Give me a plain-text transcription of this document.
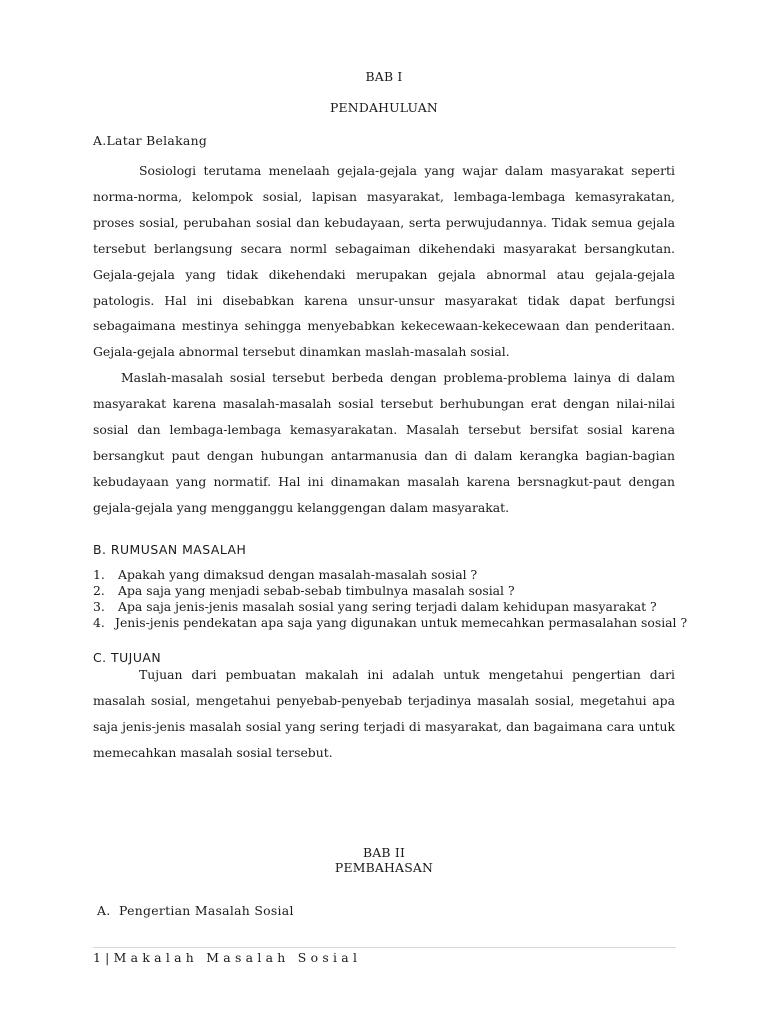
BAB I
PENDAHULUAN
A.Latar Belakang

Sosiologi terutama menelaah gejala-gejala yang wajar dalam masyarakat seperti norma-norma, kelompok sosial, lapisan masyarakat, lembaga-lembaga kemasyrakatan, proses sosial, perubahan sosial dan kebudayaan, serta perwujudannya. Tidak semua gejala tersebut berlangsung secara norml sebagaiman dikehendaki masyarakat bersangkutan. Gejala-gejala yang tidak dikehendaki merupakan gejala abnormal atau gejala-gejala patologis. Hal ini disebabkan karena unsur-unsur masyarakat tidak dapat berfungsi sebagaimana mestinya sehingga menyebabkan kekecewaan-kekecewaan dan penderitaan. Gejala-gejala abnormal tersebut dinamkan maslah-masalah sosial.

Maslah-masalah sosial tersebut berbeda dengan problema-problema lainya di dalam masyarakat karena masalah-masalah sosial tersebut berhubungan erat dengan nilai-nilai sosial dan lembaga-lembaga kemasyarakatan. Masalah tersebut bersifat sosial karena bersangkut paut dengan hubungan antarmanusia dan di dalam kerangka bagian-bagian kebudayaan yang normatif. Hal ini dinamakan masalah karena bersnagkut-paut dengan gejala-gejala yang mengganggu kelanggengan dalam masyarakat.

B. RUMUSAN MASALAH
1. Apakah yang dimaksud dengan masalah-masalah sosial ?
2. Apa saja yang menjadi sebab-sebab timbulnya masalah sosial ?
3. Apa saja jenis-jenis masalah sosial yang sering terjadi dalam kehidupan masyarakat ?
4. Jenis-jenis pendekatan apa saja yang digunakan untuk memecahkan permasalahan sosial ?
C. TUJUAN

Tujuan dari pembuatan makalah ini adalah untuk mengetahui pengertian dari masalah sosial, mengetahui penyebab-penyebab terjadinya masalah sosial, megetahui apa saja jenis-jenis masalah sosial yang sering terjadi di masyarakat, dan bagaimana cara untuk memecahkan masalah sosial tersebut.

BAB II
PEMBAHASAN
A. Pengertian Masalah Sosial
1|Makalah Masalah Sosial
